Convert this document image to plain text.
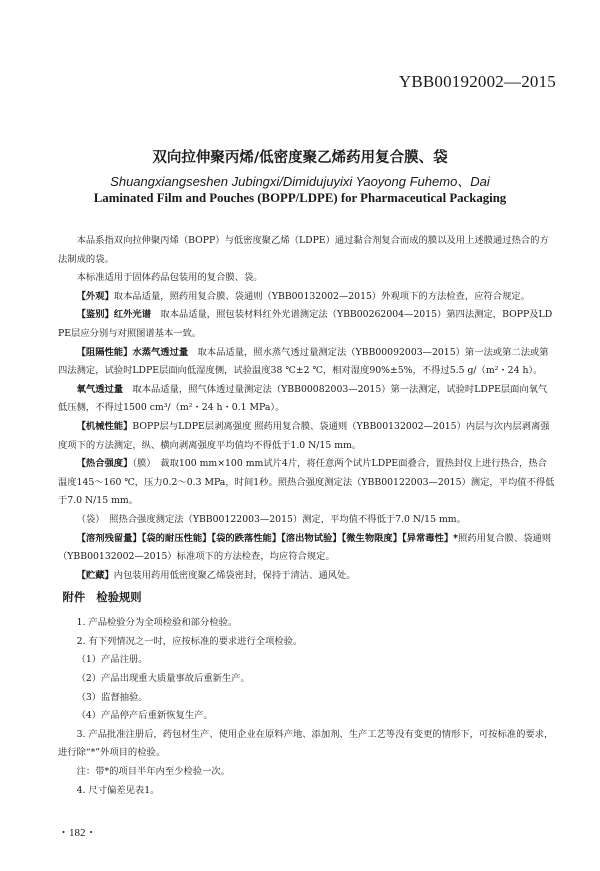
YBB00192002—2015
双向拉伸聚丙烯/低密度聚乙烯药用复合膜、袋
Shuangxiangseshen Jubingxi/Dimidujuyixi Yaoyong Fuhemo、Dai
Laminated Film and Pouches (BOPP/LDPE) for Pharmaceutical Packaging

本品系指双向拉伸聚丙烯（BOPP）与低密度聚乙烯（LDPE）通过黏合剂复合而成的膜以及用上述膜通过热合的方法制成的袋。

本标准适用于固体药品包装用的复合膜、袋。

【外观】取本品适量，照药用复合膜、袋通则（YBB00132002—2015）外观项下的方法检查，应符合规定。

【鉴别】红外光谱　 取本品适量，照包装材料红外光谱测定法（YBB00262004—2015）第四法测定，BOPP及LDPE层应分别与对照图谱基本一致。

【阻隔性能】水蒸气透过量　 取本品适量，照水蒸气透过量测定法（YBB00092003—2015）第一法或第二法或第四法测定，试验时LDPE层面向低湿度侧，试验温度38 ℃±2 ℃，相对湿度90%±5%，不得过5.5 g/（m²・24 h）。

氧气透过量　 取本品适量，照气体透过量测定法（YBB00082003—2015）第一法测定，试验时LDPE层面向氧气低压侧，不得过1500 cm³/（m²・24 h・0.1 MPa）。

【机械性能】BOPP层与LDPE层剥离强度 照药用复合膜、袋通则（YBB00132002—2015）内层与次内层剥离强度项下的方法测定，纵、横向剥离强度平均值均不得低于1.0 N/15 mm。

【热合强度】（膜）　 裁取100 mm×100 mm试片4片，将任意两个试片LDPE面叠合，置热封仪上进行热合，热合温度145～160 ℃，压力0.2～0.3 MPa，时间1秒。照热合强度测定法（YBB00122003—2015）测定，平均值不得低于7.0 N/15 mm。

（袋）　 照热合强度测定法（YBB00122003—2015）测定，平均值不得低于7.0 N/15 mm。

【溶剂残留量】【袋的耐压性能】【袋的跌落性能】【溶出物试验】【微生物限度】【异常毒性】*照药用复合膜、袋通则（YBB00132002—2015）标准项下的方法检查，均应符合规定。

【贮藏】内包装用药用低密度聚乙烯袋密封，保持于清洁、通风处。

附件　检验规则

1. 产品检验分为全项检验和部分检验。

2. 有下列情况之一时，应按标准的要求进行全项检验。

（1）产品注册。

（2）产品出现重大质量事故后重新生产。

（3）监督抽验。

（4）产品停产后重新恢复生产。

3. 产品批准注册后，药包材生产、使用企业在原料产地、添加剂、生产工艺等没有变更的情形下，可按标准的要求，进行除“*”外项目的检验。

注：带*的项目半年内至少检验一次。

4. 尺寸偏差见表1。

・182・
